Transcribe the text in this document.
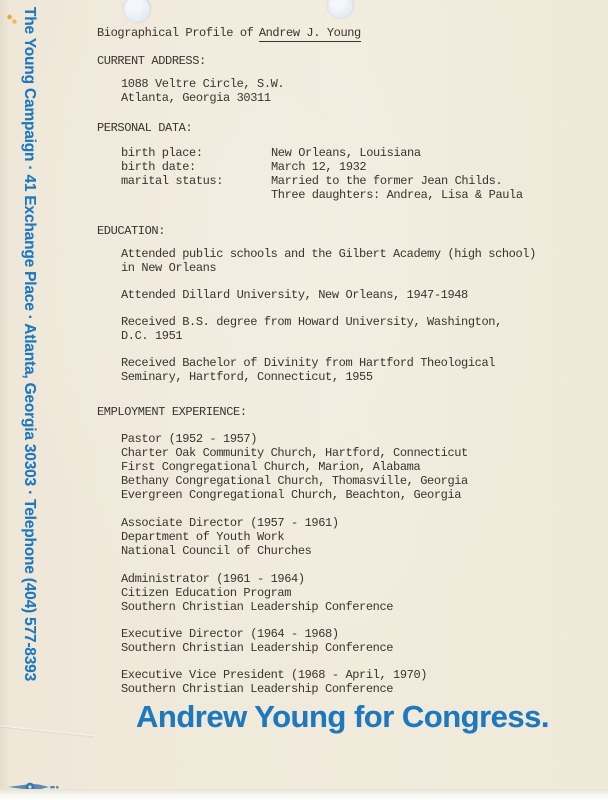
The Young Campaign · 41 Exchange Place · Atlanta, Georgia 30303 · Telephone (404) 577-8393	Biographical Profile of Andrew J. Young
CURRENT ADDRESS:
1088 Veltre Circle, S.W.
Atlanta, Georgia 30311
PERSONAL DATA:
birth place:	New Orleans, Louisiana
birth date:	March 12, 1932
marital status:	Married to the former Jean Childs.
Three daughters: Andrea, Lisa & Paula
EDUCATION:
Attended public schools and the Gilbert Academy (high school)
in New Orleans
Attended Dillard University, New Orleans, 1947-1948
Received B.S. degree from Howard University, Washington,
D.C. 1951
Received Bachelor of Divinity from Hartford Theological
Seminary, Hartford, Connecticut, 1955
EMPLOYMENT EXPERIENCE:
Pastor (1952 - 1957)
Charter Oak Community Church, Hartford, Connecticut
First Congregational Church, Marion, Alabama
Bethany Congregational Church, Thomasville, Georgia
Evergreen Congregational Church, Beachton, Georgia
Associate Director (1957 - 1961)
Department of Youth Work
National Council of Churches
Administrator (1961 - 1964)
Citizen Education Program
Southern Christian Leadership Conference
Executive Director (1964 - 1968)
Southern Christian Leadership Conference
Executive Vice President (1968 - April, 1970)
Southern Christian Leadership Conference
Andrew Young for Congress.
